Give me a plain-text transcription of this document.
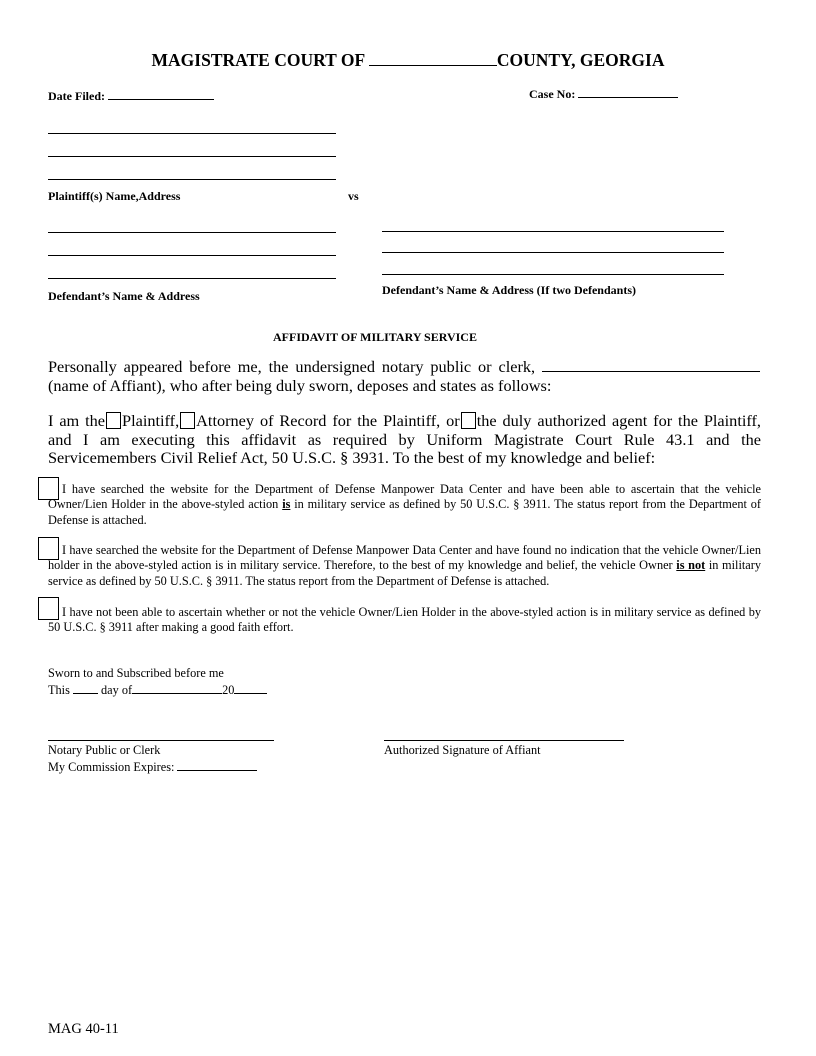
MAGISTRATE COURT OF	COUNTY, GEORGIA
Date Filed:	Case No:
Plaintiff(s) Name,Address	vs
Defendant’s Name & Address	Defendant’s Name & Address (If two Defendants)
AFFIDAVIT OF MILITARY SERVICE
Personally appeared before me, the undersigned notary public or clerk,  (name of Affiant), who after being duly sworn, deposes and states as follows:
I am the Plaintiff, Attorney of Record for the Plaintiff, or the duly authorized agent for the Plaintiff, and I am executing this affidavit as required by Uniform Magistrate Court Rule 43.1 and the Servicemembers Civil Relief Act, 50 U.S.C. § 3931. To the best of my knowledge and belief:
I have searched the website for the Department of Defense Manpower Data Center and have been able to ascertain that the vehicle Owner/Lien Holder in the above-styled action is in military service as defined by 50 U.S.C. § 3911. The status report from the Department of Defense is attached.
I have searched the website for the Department of Defense Manpower Data Center and have found no indication that the vehicle Owner/Lien holder in the above-styled action is in military service. Therefore, to the best of my knowledge and belief, the vehicle Owner is not in military service as defined by 50 U.S.C. § 3911. The status report from the Department of Defense is attached.
I have not been able to ascertain whether or not the vehicle Owner/Lien Holder in the above-styled action is in military service as defined by 50 U.S.C. § 3911 after making a good faith effort.
Sworn to and Subscribed before me
This	day of	20
Notary Public or Clerk	Authorized Signature of Affiant
My Commission Expires:
MAG 40-11
